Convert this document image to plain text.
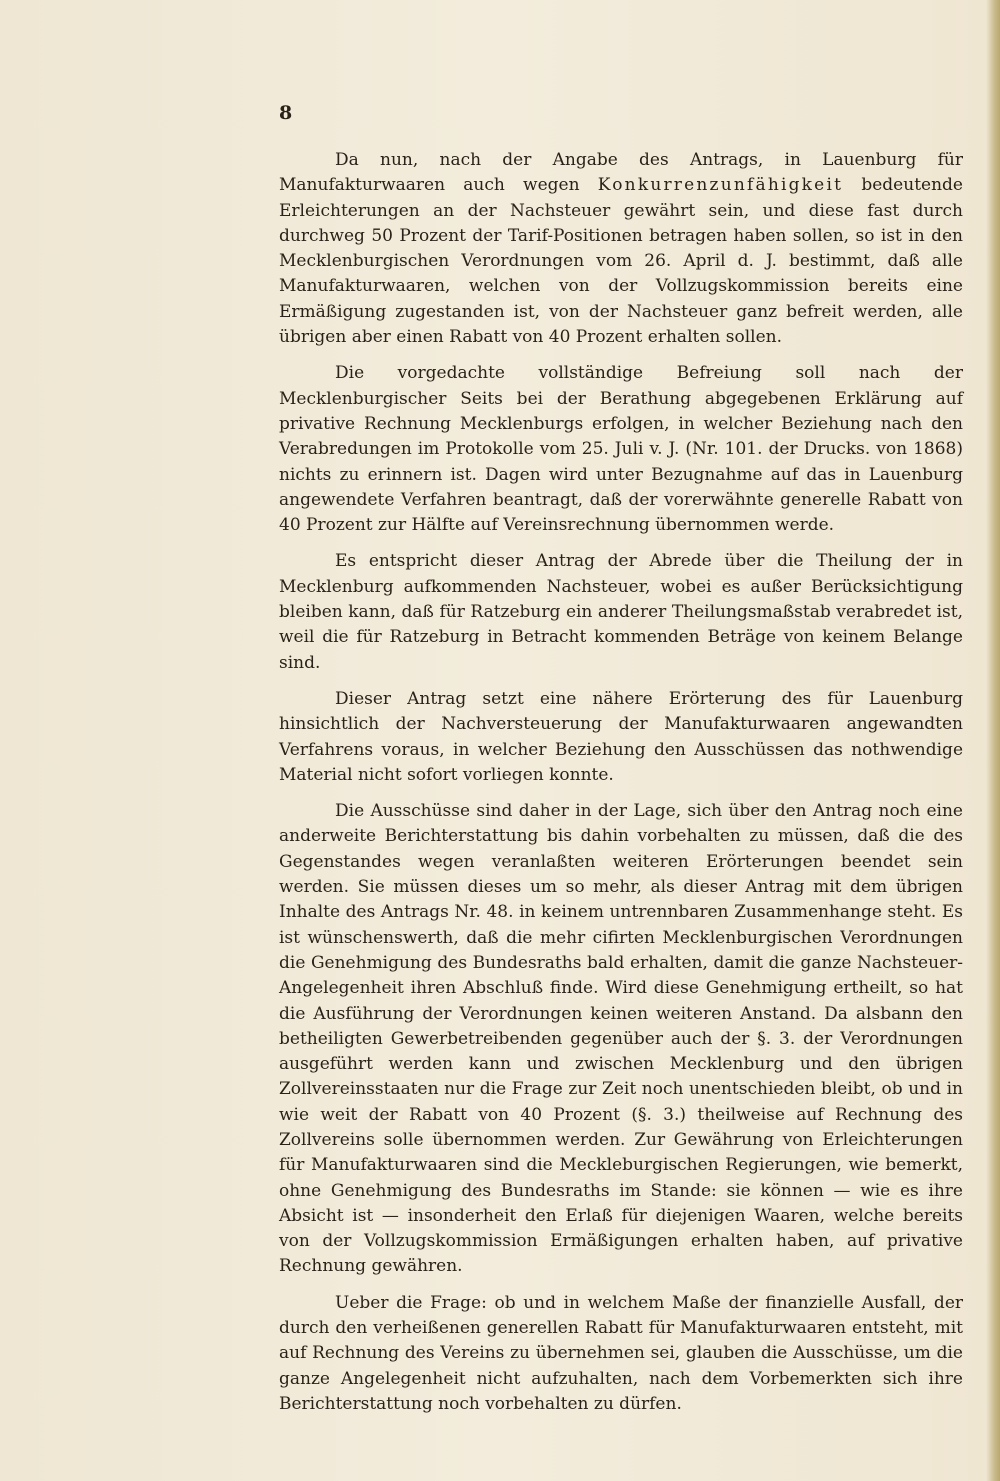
8

Da nun, nach der Angabe des Antrags, in Lauenburg für Manufakturwaaren auch wegen Konkurrenzunfähigkeit bedeutende Erleichterungen an der Nachsteuer gewährt sein, und diese fast durch durchweg 50 Prozent der Tarif-Positionen betragen haben sollen, so ist in den Mecklenburgischen Verordnungen vom 26. April d. J. bestimmt, daß alle Manufakturwaaren, welchen von der Vollzugskommission bereits eine Ermäßigung zugestanden ist, von der Nachsteuer ganz befreit werden, alle übrigen aber einen Rabatt von 40 Prozent erhalten sollen.

Die vorgedachte vollständige Befreiung soll nach der Mecklenburgischer Seits bei der Berathung abgegebenen Erklärung auf privative Rechnung Mecklenburgs erfolgen, in welcher Beziehung nach den Verabredungen im Protokolle vom 25. Juli v. J. (Nr. 101. der Drucks. von 1868) nichts zu erinnern ist. Dagen wird unter Bezugnahme auf das in Lauenburg angewendete Verfahren beantragt, daß der vorerwähnte generelle Rabatt von 40 Prozent zur Hälfte auf Vereinsrechnung übernommen werde.

Es entspricht dieser Antrag der Abrede über die Theilung der in Mecklenburg aufkommenden Nachsteuer, wobei es außer Berücksichtigung bleiben kann, daß für Ratzeburg ein anderer Theilungsmaßstab verabredet ist, weil die für Ratzeburg in Betracht kommenden Beträge von keinem Belange sind.

Dieser Antrag setzt eine nähere Erörterung des für Lauenburg hinsichtlich der Nachversteuerung der Manufakturwaaren angewandten Verfahrens voraus, in welcher Beziehung den Ausschüssen das nothwendige Material nicht sofort vorliegen konnte.

Die Ausschüsse sind daher in der Lage, sich über den Antrag noch eine anderweite Berichterstattung bis dahin vorbehalten zu müssen, daß die des Gegenstandes wegen veranlaßten weiteren Erörterungen beendet sein werden. Sie müssen dieses um so mehr, als dieser Antrag mit dem übrigen Inhalte des Antrags Nr. 48. in keinem untrennbaren Zusammenhange steht. Es ist wünschenswerth, daß die mehr cifirten Mecklenburgischen Verordnungen die Genehmigung des Bundesraths bald erhalten, damit die ganze Nachsteuer-Angelegenheit ihren Abschluß finde. Wird diese Genehmigung ertheilt, so hat die Ausführung der Verordnungen keinen weiteren Anstand. Da alsbann den betheiligten Gewerbetreibenden gegenüber auch der §. 3. der Verordnungen ausgeführt werden kann und zwischen Mecklenburg und den übrigen Zollvereinsstaaten nur die Frage zur Zeit noch unentschieden bleibt, ob und in wie weit der Rabatt von 40 Prozent (§. 3.) theilweise auf Rechnung des Zollvereins solle übernommen werden. Zur Gewährung von Erleichterungen für Manufakturwaaren sind die Meckleburgischen Regierungen, wie bemerkt, ohne Genehmigung des Bundesraths im Stande: sie können — wie es ihre Absicht ist — insonderheit den Erlaß für diejenigen Waaren, welche bereits von der Vollzugskommission Ermäßigungen erhalten haben, auf privative Rechnung gewähren.

Ueber die Frage: ob und in welchem Maße der finanzielle Ausfall, der durch den verheißenen generellen Rabatt für Manufakturwaaren entsteht, mit auf Rechnung des Vereins zu übernehmen sei, glauben die Ausschüsse, um die ganze Angelegenheit nicht aufzuhalten, nach dem Vorbemerkten sich ihre Berichterstattung noch vorbehalten zu dürfen.
